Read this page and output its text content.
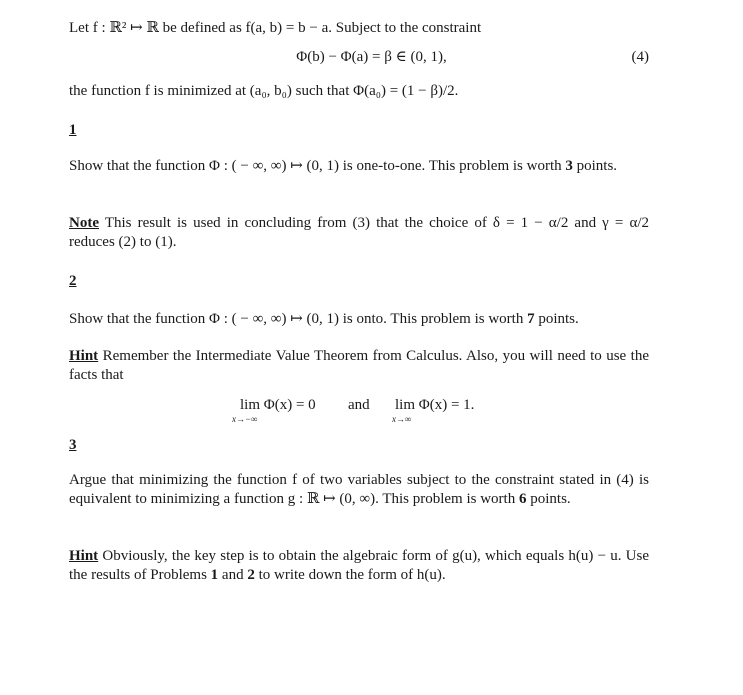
Let f : ℝ² ↦ ℝ be defined as f(a, b) = b − a. Subject to the constraint
Φ(b) − Φ(a) = β ∈ (0, 1),	(4)
the function f is minimized at (a₀, b₀) such that Φ(a₀) = (1 − β)/2.
1
Show that the function Φ : ( − ∞, ∞) ↦ (0, 1) is one-to-one. This problem is worth 3 points.
Note This result is used in concluding from (3) that the choice of δ = 1 − α/2 and γ = α/2 reduces (2) to (1).
2
Show that the function Φ : ( − ∞, ∞) ↦ (0, 1) is onto. This problem is worth 7 points.
Hint Remember the Intermediate Value Theorem from Calculus. Also, you will need to use the facts that
lim Φ(x) = 0
x→−∞
and lim Φ(x) = 1.
x→∞
3
Argue that minimizing the function f of two variables subject to the constraint stated in (4) is equivalent to minimizing a function g : ℝ ↦ (0, ∞). This problem is worth 6 points.
Hint Obviously, the key step is to obtain the algebraic form of g(u), which equals h(u) − u. Use the results of Problems 1 and 2 to write down the form of h(u).
